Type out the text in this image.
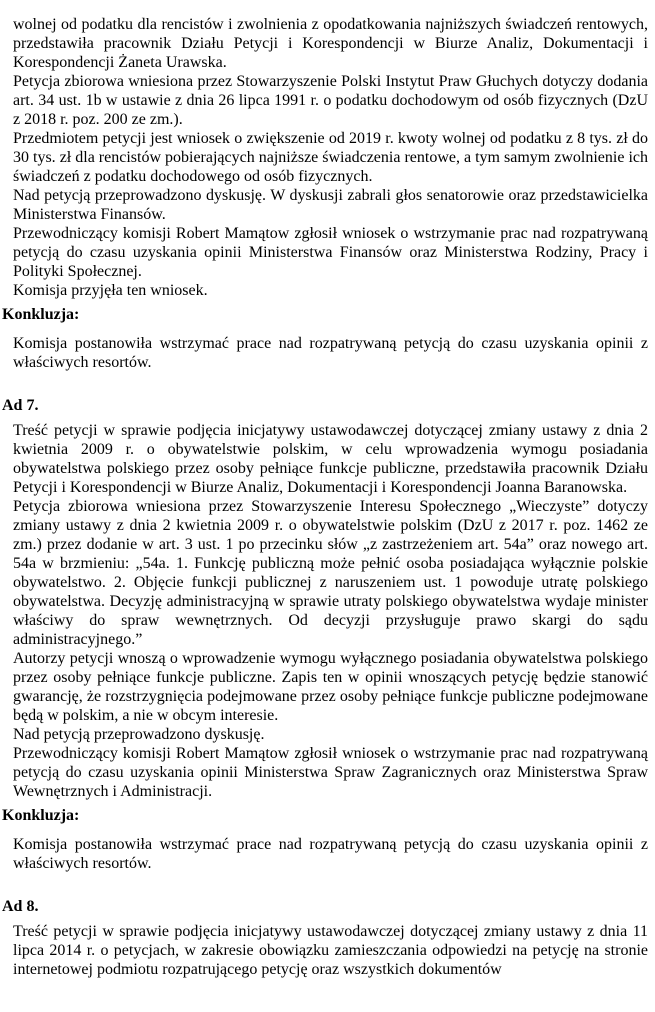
wolnej od podatku dla rencistów i zwolnienia z opodatkowania najniższych świadczeń rentowych, przedstawiła pracownik Działu Petycji i Korespondencji w Biurze Analiz, Dokumentacji i Korespondencji Żaneta Urawska.

Petycja zbiorowa wniesiona przez Stowarzyszenie Polski Instytut Praw Głuchych dotyczy dodania art. 34 ust. 1b w ustawie z dnia 26 lipca 1991 r. o podatku dochodowym od osób fizycznych (DzU z 2018 r. poz. 200 ze zm.).

Przedmiotem petycji jest wniosek o zwiększenie od 2019 r. kwoty wolnej od podatku z 8 tys. zł do 30 tys. zł dla rencistów pobierających najniższe świadczenia rentowe, a tym samym zwolnienie ich świadczeń z podatku dochodowego od osób fizycznych.

Nad petycją przeprowadzono dyskusję. W dyskusji zabrali głos senatorowie oraz przedstawicielka Ministerstwa Finansów.

Przewodniczący komisji Robert Mamątow zgłosił wniosek o wstrzymanie prac nad rozpatrywaną petycją do czasu uzyskania opinii Ministerstwa Finansów oraz Ministerstwa Rodziny, Pracy i Polityki Społecznej.

Komisja przyjęła ten wniosek.

Konkluzja:

Komisja postanowiła wstrzymać prace nad rozpatrywaną petycją do czasu uzyskania opinii z właściwych resortów.

Ad 7.

Treść petycji w sprawie podjęcia inicjatywy ustawodawczej dotyczącej zmiany ustawy z dnia 2 kwietnia 2009 r. o obywatelstwie polskim, w celu wprowadzenia wymogu posiadania obywatelstwa polskiego przez osoby pełniące funkcje publiczne, przedstawiła pracownik Działu Petycji i Korespondencji w Biurze Analiz, Dokumentacji i Korespondencji Joanna Baranowska.

Petycja zbiorowa wniesiona przez Stowarzyszenie Interesu Społecznego „Wieczyste” dotyczy zmiany ustawy z dnia 2 kwietnia 2009 r. o obywatelstwie polskim (DzU z 2017 r. poz. 1462 ze zm.) przez dodanie w art. 3 ust. 1 po przecinku słów „z zastrzeżeniem art. 54a” oraz nowego art. 54a w brzmieniu: „54a. 1. Funkcję publiczną może pełnić osoba posiadająca wyłącznie polskie obywatelstwo. 2. Objęcie funkcji publicznej z naruszeniem ust. 1 powoduje utratę polskiego obywatelstwa. Decyzję administracyjną w sprawie utraty polskiego obywatelstwa wydaje minister właściwy do spraw wewnętrznych. Od decyzji przysługuje prawo skargi do sądu administracyjnego.”

Autorzy petycji wnoszą o wprowadzenie wymogu wyłącznego posiadania obywatelstwa polskiego przez osoby pełniące funkcje publiczne. Zapis ten w opinii wnoszących petycję będzie stanowić gwarancję, że rozstrzygnięcia podejmowane przez osoby pełniące funkcje publiczne podejmowane będą w polskim, a nie w obcym interesie.

Nad petycją przeprowadzono dyskusję.

Przewodniczący komisji Robert Mamątow zgłosił wniosek o wstrzymanie prac nad rozpatrywaną petycją do czasu uzyskania opinii Ministerstwa Spraw Zagranicznych oraz Ministerstwa Spraw Wewnętrznych i Administracji.

Konkluzja:

Komisja postanowiła wstrzymać prace nad rozpatrywaną petycją do czasu uzyskania opinii z właściwych resortów.

Ad 8.

Treść petycji w sprawie podjęcia inicjatywy ustawodawczej dotyczącej zmiany ustawy z dnia 11 lipca 2014 r. o petycjach, w zakresie obowiązku zamieszczania odpowiedzi na petycję na stronie internetowej podmiotu rozpatrującego petycję oraz wszystkich dokumentów
